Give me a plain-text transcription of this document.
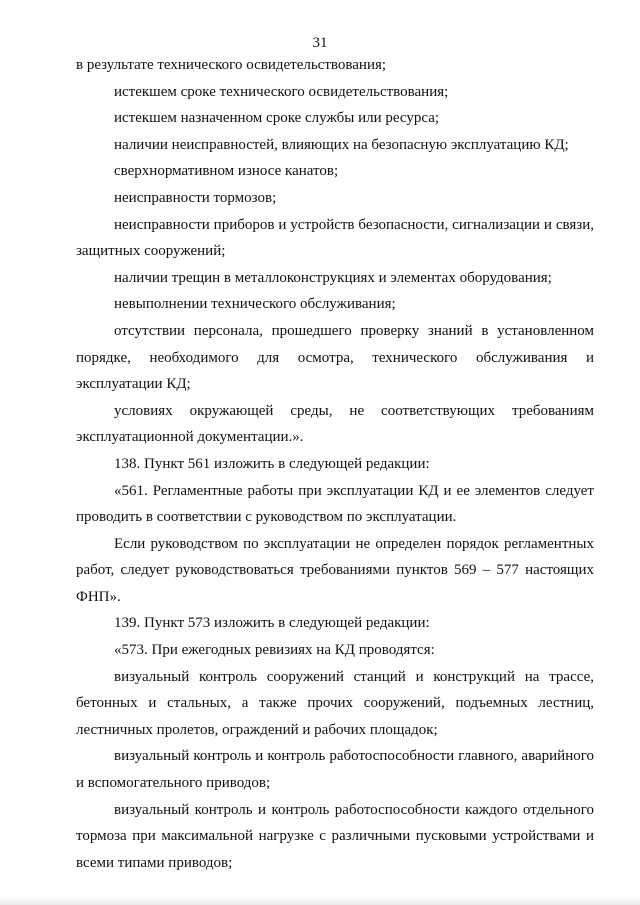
31

в результате технического освидетельствования;

истекшем сроке технического освидетельствования;

истекшем назначенном сроке службы или ресурса;

наличии неисправностей, влияющих на безопасную эксплуатацию КД;

сверхнормативном износе канатов;

неисправности тормозов;

неисправности приборов и устройств безопасности, сигнализации и связи, защитных сооружений;

наличии трещин в металлоконструкциях и элементах оборудования;

невыполнении технического обслуживания;

отсутствии персонала, прошедшего проверку знаний в установленном порядке, необходимого для осмотра, технического обслуживания и эксплуатации КД;

условиях окружающей среды, не соответствующих требованиям эксплуатационной документации.».

138. Пункт 561 изложить в следующей редакции:

«561. Регламентные работы при эксплуатации КД и ее элементов следует проводить в соответствии с руководством по эксплуатации.

Если руководством по эксплуатации не определен порядок регламентных работ, следует руководствоваться требованиями пунктов 569 – 577 настоящих ФНП».

139. Пункт 573 изложить в следующей редакции:

«573. При ежегодных ревизиях на КД проводятся:

визуальный контроль сооружений станций и конструкций на трассе, бетонных и стальных, а также прочих сооружений, подъемных лестниц, лестничных пролетов, ограждений и рабочих площадок;

визуальный контроль и контроль работоспособности главного, аварийного и вспомогательного приводов;

визуальный контроль и контроль работоспособности каждого отдельного тормоза при максимальной нагрузке с различными пусковыми устройствами и всеми типами приводов;
